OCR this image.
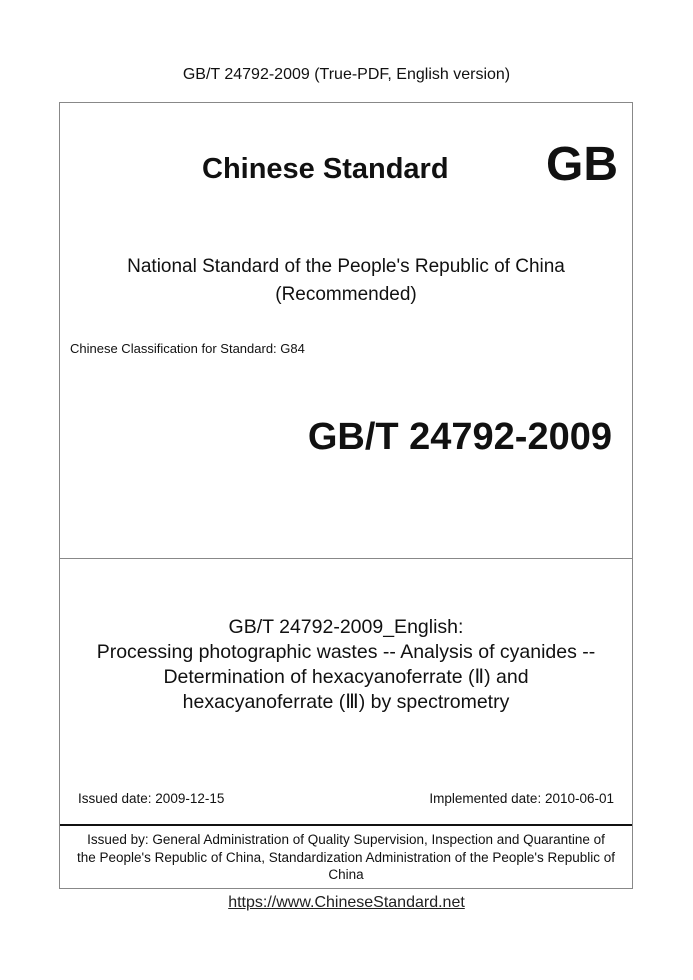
GB/T 24792-2009 (True-PDF, English version)
Chinese Standard GB
National Standard of the People's Republic of China
(Recommended)
Chinese Classification for Standard: G84
GB/T 24792-2009
GB/T 24792-2009_English:
Processing photographic wastes -- Analysis of cyanides --
Determination of hexacyanoferrate (Ⅱ) and
hexacyanoferrate (Ⅲ) by spectrometry
Issued date: 2009-12-15	Implemented date: 2010-06-01
Issued by: General Administration of Quality Supervision, Inspection and Quarantine of
the People's Republic of China, Standardization Administration of the People's Republic of
China
https://www.ChineseStandard.net
